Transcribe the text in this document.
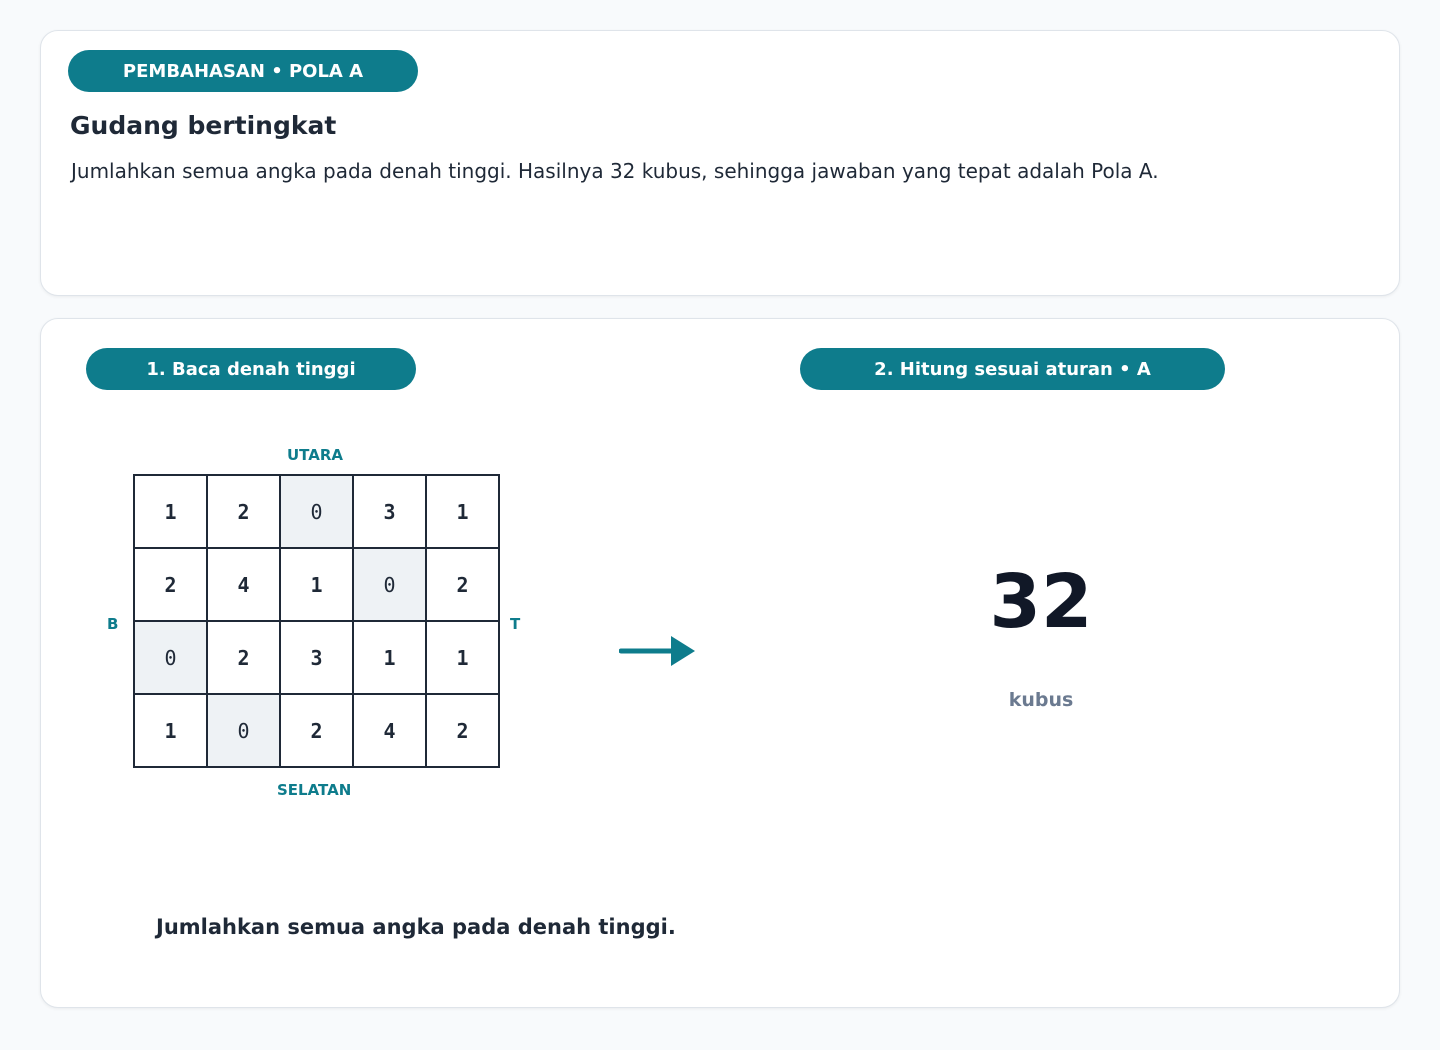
PEMBAHASAN • POLA A
Gudang bertingkat

Jumlahkan semua angka pada denah tinggi. Hasilnya 32 kubus, sehingga jawaban yang tepat adalah Pola A.

1. Baca denah tinggi	2. Hitung sesuai aturan • A
UTARA
SELATAN
B	T
1	2	0	3	1
2	4	1	0	2
0	2	3	1	1
1	0	2	4	2
32
kubus

Jumlahkan semua angka pada denah tinggi.
